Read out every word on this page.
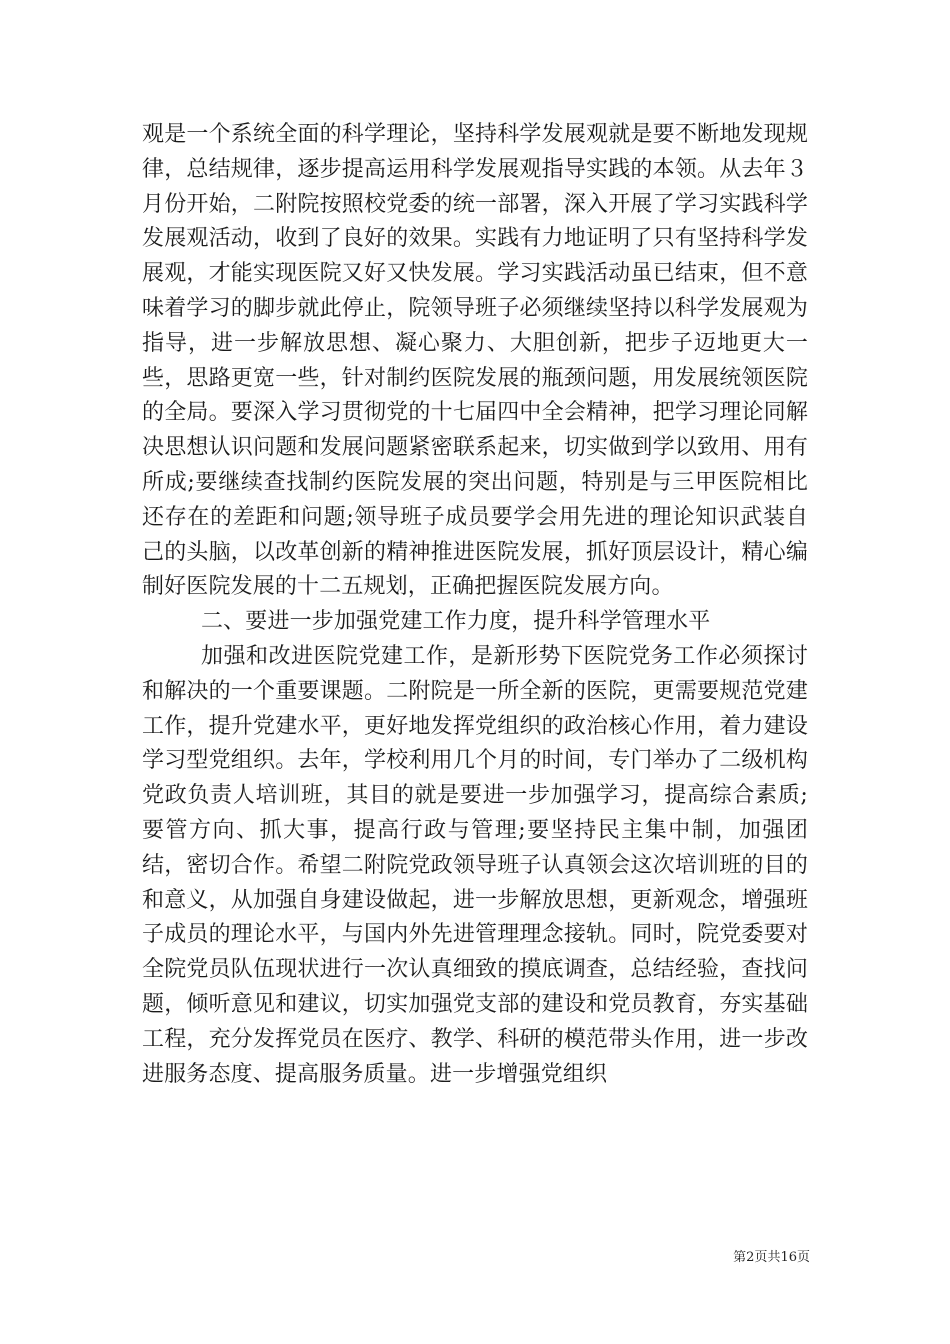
观是一个系统全面的科学理论，坚持科学发展观就是要不断地发现规律，总结规律，逐步提高运用科学发展观指导实践的本领。从去年３月份开始，二附院按照校党委的统一部署，深入开展了学习实践科学发展观活动，收到了良好的效果。实践有力地证明了只有坚持科学发展观，才能实现医院又好又快发展。学习实践活动虽已结束，但不意味着学习的脚步就此停止，院领导班子必须继续坚持以科学发展观为指导，进一步解放思想、凝心聚力、大胆创新，把步子迈地更大一些，思路更宽一些，针对制约医院发展的瓶颈问题，用发展统领医院的全局。要深入学习贯彻党的十七届四中全会精神，把学习理论同解决思想认识问题和发展问题紧密联系起来，切实做到学以致用、用有所成;要继续查找制约医院发展的突出问题，特别是与三甲医院相比还存在的差距和问题;领导班子成员要学会用先进的理论知识武装自己的头脑，以改革创新的精神推进医院发展，抓好顶层设计，精心编制好医院发展的十二五规划，正确把握医院发展方向。

二、要进一步加强党建工作力度，提升科学管理水平

加强和改进医院党建工作，是新形势下医院党务工作必须探讨和解决的一个重要课题。二附院是一所全新的医院，更需要规范党建工作，提升党建水平，更好地发挥党组织的政治核心作用，着力建设学习型党组织。去年，学校利用几个月的时间，专门举办了二级机构党政负责人培训班，其目的就是要进一步加强学习，提高综合素质;要管方向、抓大事，提高行政与管理;要坚持民主集中制，加强团结，密切合作。希望二附院党政领导班子认真领会这次培训班的目的和意义，从加强自身建设做起，进一步解放思想，更新观念，增强班子成员的理论水平，与国内外先进管理理念接轨。同时，院党委要对全院党员队伍现状进行一次认真细致的摸底调查，总结经验，查找问题，倾听意见和建议，切实加强党支部的建设和党员教育，夯实基础工程，充分发挥党员在医疗、教学、科研的模范带头作用，进一步改进服务态度、提高服务质量。进一步增强党组织

第2页共16页
